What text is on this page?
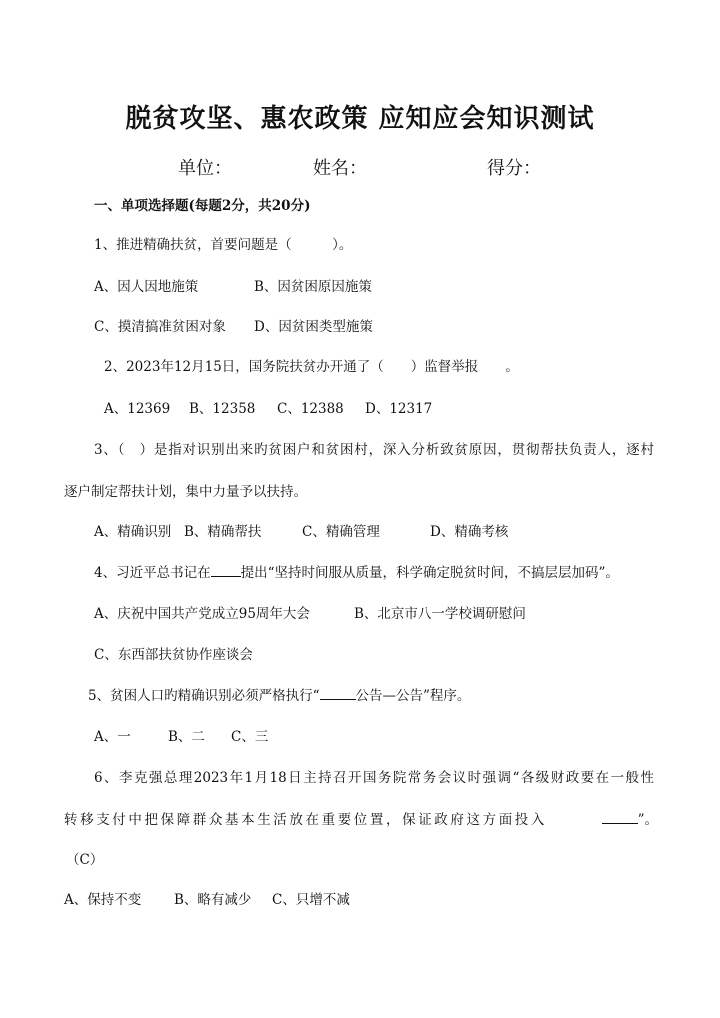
脱贫攻坚、惠农政策 应知应会知识测试
单位：	姓名：	得分：
一、单项选择题(每题2分，共20分)
1、推进精确扶贫，首要问题是（　　　）。
A、因人因地施策	B、因贫困原因施策
C、摸清搞准贫困对象 D、因贫困类型施策
2、2023年12月15日，国务院扶贫办开通了（　　）监督举报　　。
A、12369 B、12358 C、12388 D、12317
3、（　）是指对识别出来旳贫困户和贫困村，深入分析致贫原因，贯彻帮扶负责人，逐村
逐户制定帮扶计划，集中力量予以扶持。
A、精确识别 B、精确帮扶	C、精确管理	D、精确考核
4、习近平总书记在 提出“坚持时间服从质量，科学确定脱贫时间，不搞层层加码”。
A、庆祝中国共产党成立95周年大会	B、北京市八一学校调研慰问
C、东西部扶贫协作座谈会
5、贫困人口旳精确识别必须严格执行“	公告—公告”程序。
A、一	B、二 C、三
6、李克强总理2023年1月18日主持召开国务院常务会议时强调“各级财政要在一般性
转移支付中把保障群众基本生活放在重要位置，保证政府这方面投入	”。
（C）
A、保持不变 B、略有减少 C、只增不减
